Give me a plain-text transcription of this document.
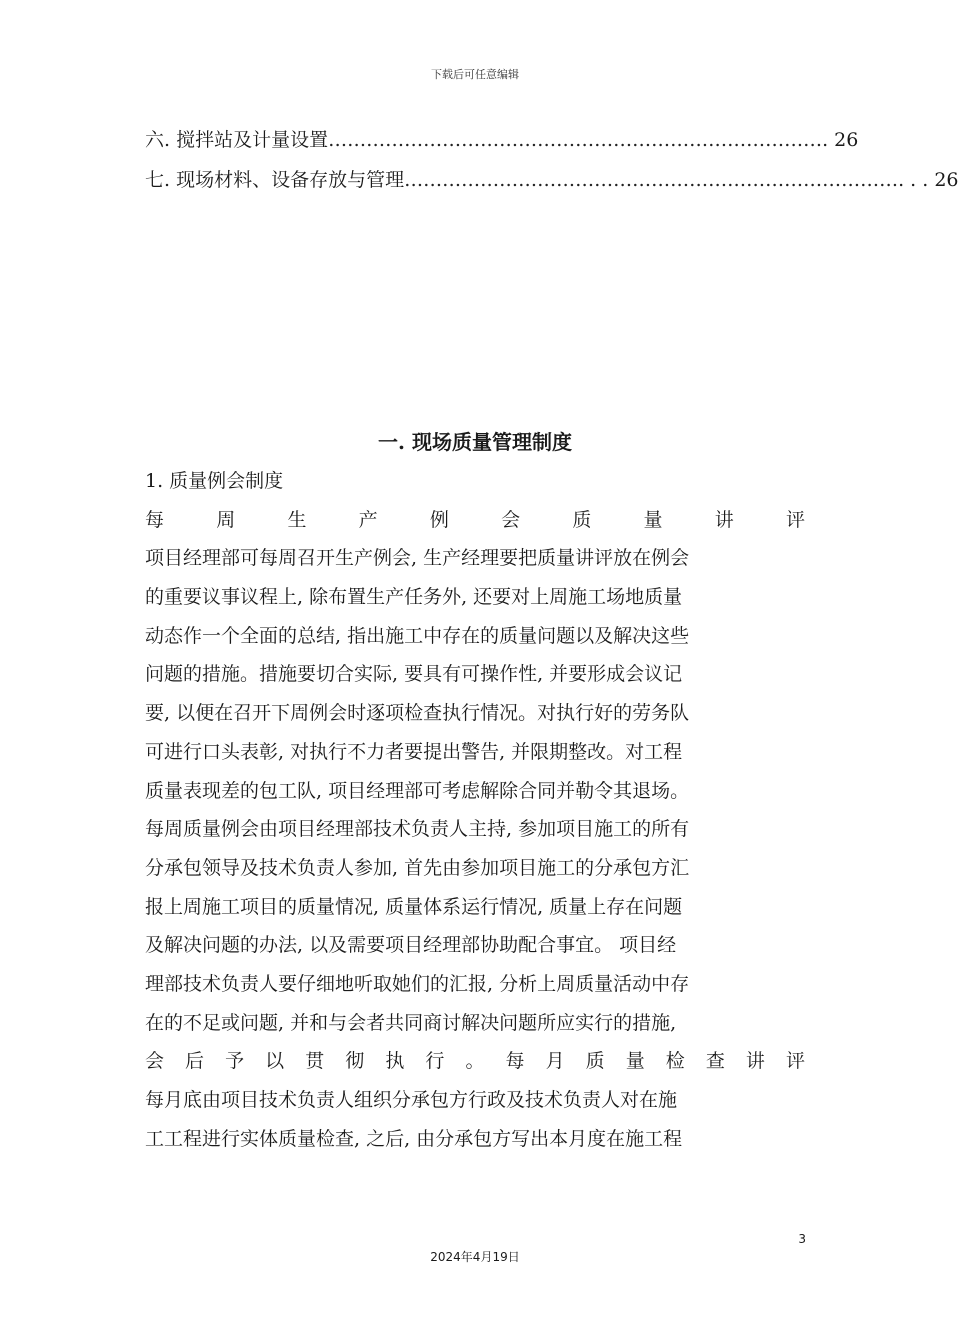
下载后可任意编辑
六. 搅拌站及计量设置 …………………………………………………………………… . 26
七. 现场材料、设备存放与管理 …………………………………………………………………… . . . 26
一. 现场质量管理制度
1. 质量例会制度
每周生产例会质量讲评
项目经理部可每周召开生产例会, 生产经理要把质量讲评放在例会
的重要议事议程上, 除布置生产任务外, 还要对上周施工场地质量
动态作一个全面的总结, 指出施工中存在的质量问题以及解决这些
问题的措施。措施要切合实际, 要具有可操作性, 并要形成会议记
要, 以便在召开下周例会时逐项检查执行情况。对执行好的劳务队
可进行口头表彰, 对执行不力者要提出警告, 并限期整改。对工程
质量表现差的包工队, 项目经理部可考虑解除合同并勒令其退场。
每周质量例会由项目经理部技术负责人主持, 参加项目施工的所有
分承包领导及技术负责人参加, 首先由参加项目施工的分承包方汇
报上周施工项目的质量情况, 质量体系运行情况, 质量上存在问题
及解决问题的办法, 以及需要项目经理部协助配合事宜。 项目经
理部技术负责人要仔细地听取她们的汇报, 分析上周质量活动中存
在的不足或问题, 并和与会者共同商讨解决问题所应实行的措施,
会后予以贯彻执行。每月质量检查讲评
每月底由项目技术负责人组织分承包方行政及技术负责人对在施
工工程进行实体质量检查, 之后, 由分承包方写出本月度在施工程
3
2024年4月19日
